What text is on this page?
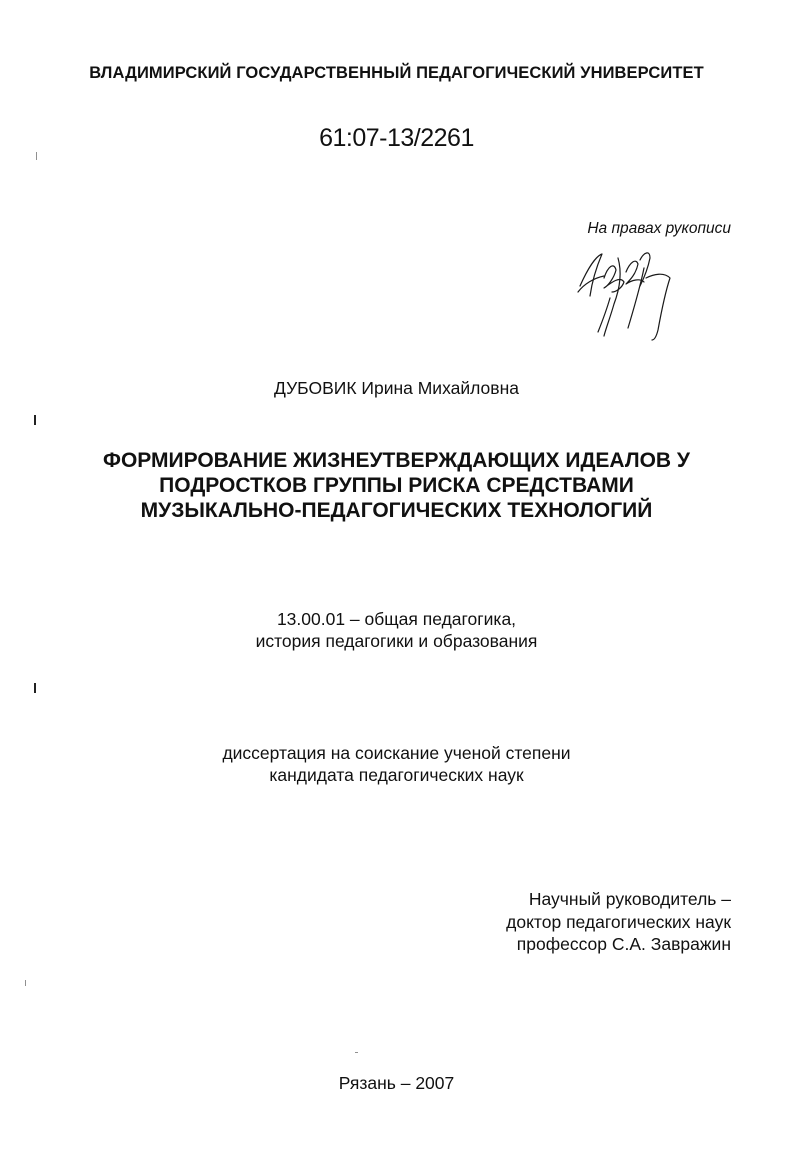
ВЛАДИМИРСКИЙ ГОСУДАРСТВЕННЫЙ ПЕДАГОГИЧЕСКИЙ УНИВЕРСИТЕТ
61:07-13/2261
На правах рукописи
ДУБОВИК Ирина Михайловна
ФОРМИРОВАНИЕ ЖИЗНЕУТВЕРЖДАЮЩИХ ИДЕАЛОВ У
ПОДРОСТКОВ ГРУППЫ РИСКА СРЕДСТВАМИ
МУЗЫКАЛЬНО-ПЕДАГОГИЧЕСКИХ ТЕХНОЛОГИЙ
13.00.01 – общая педагогика,
история педагогики и образования
диссертация на соискание ученой степени
кандидата педагогических наук
Научный руководитель –
доктор педагогических наук
профессор С.А. Завражин
Рязань – 2007
